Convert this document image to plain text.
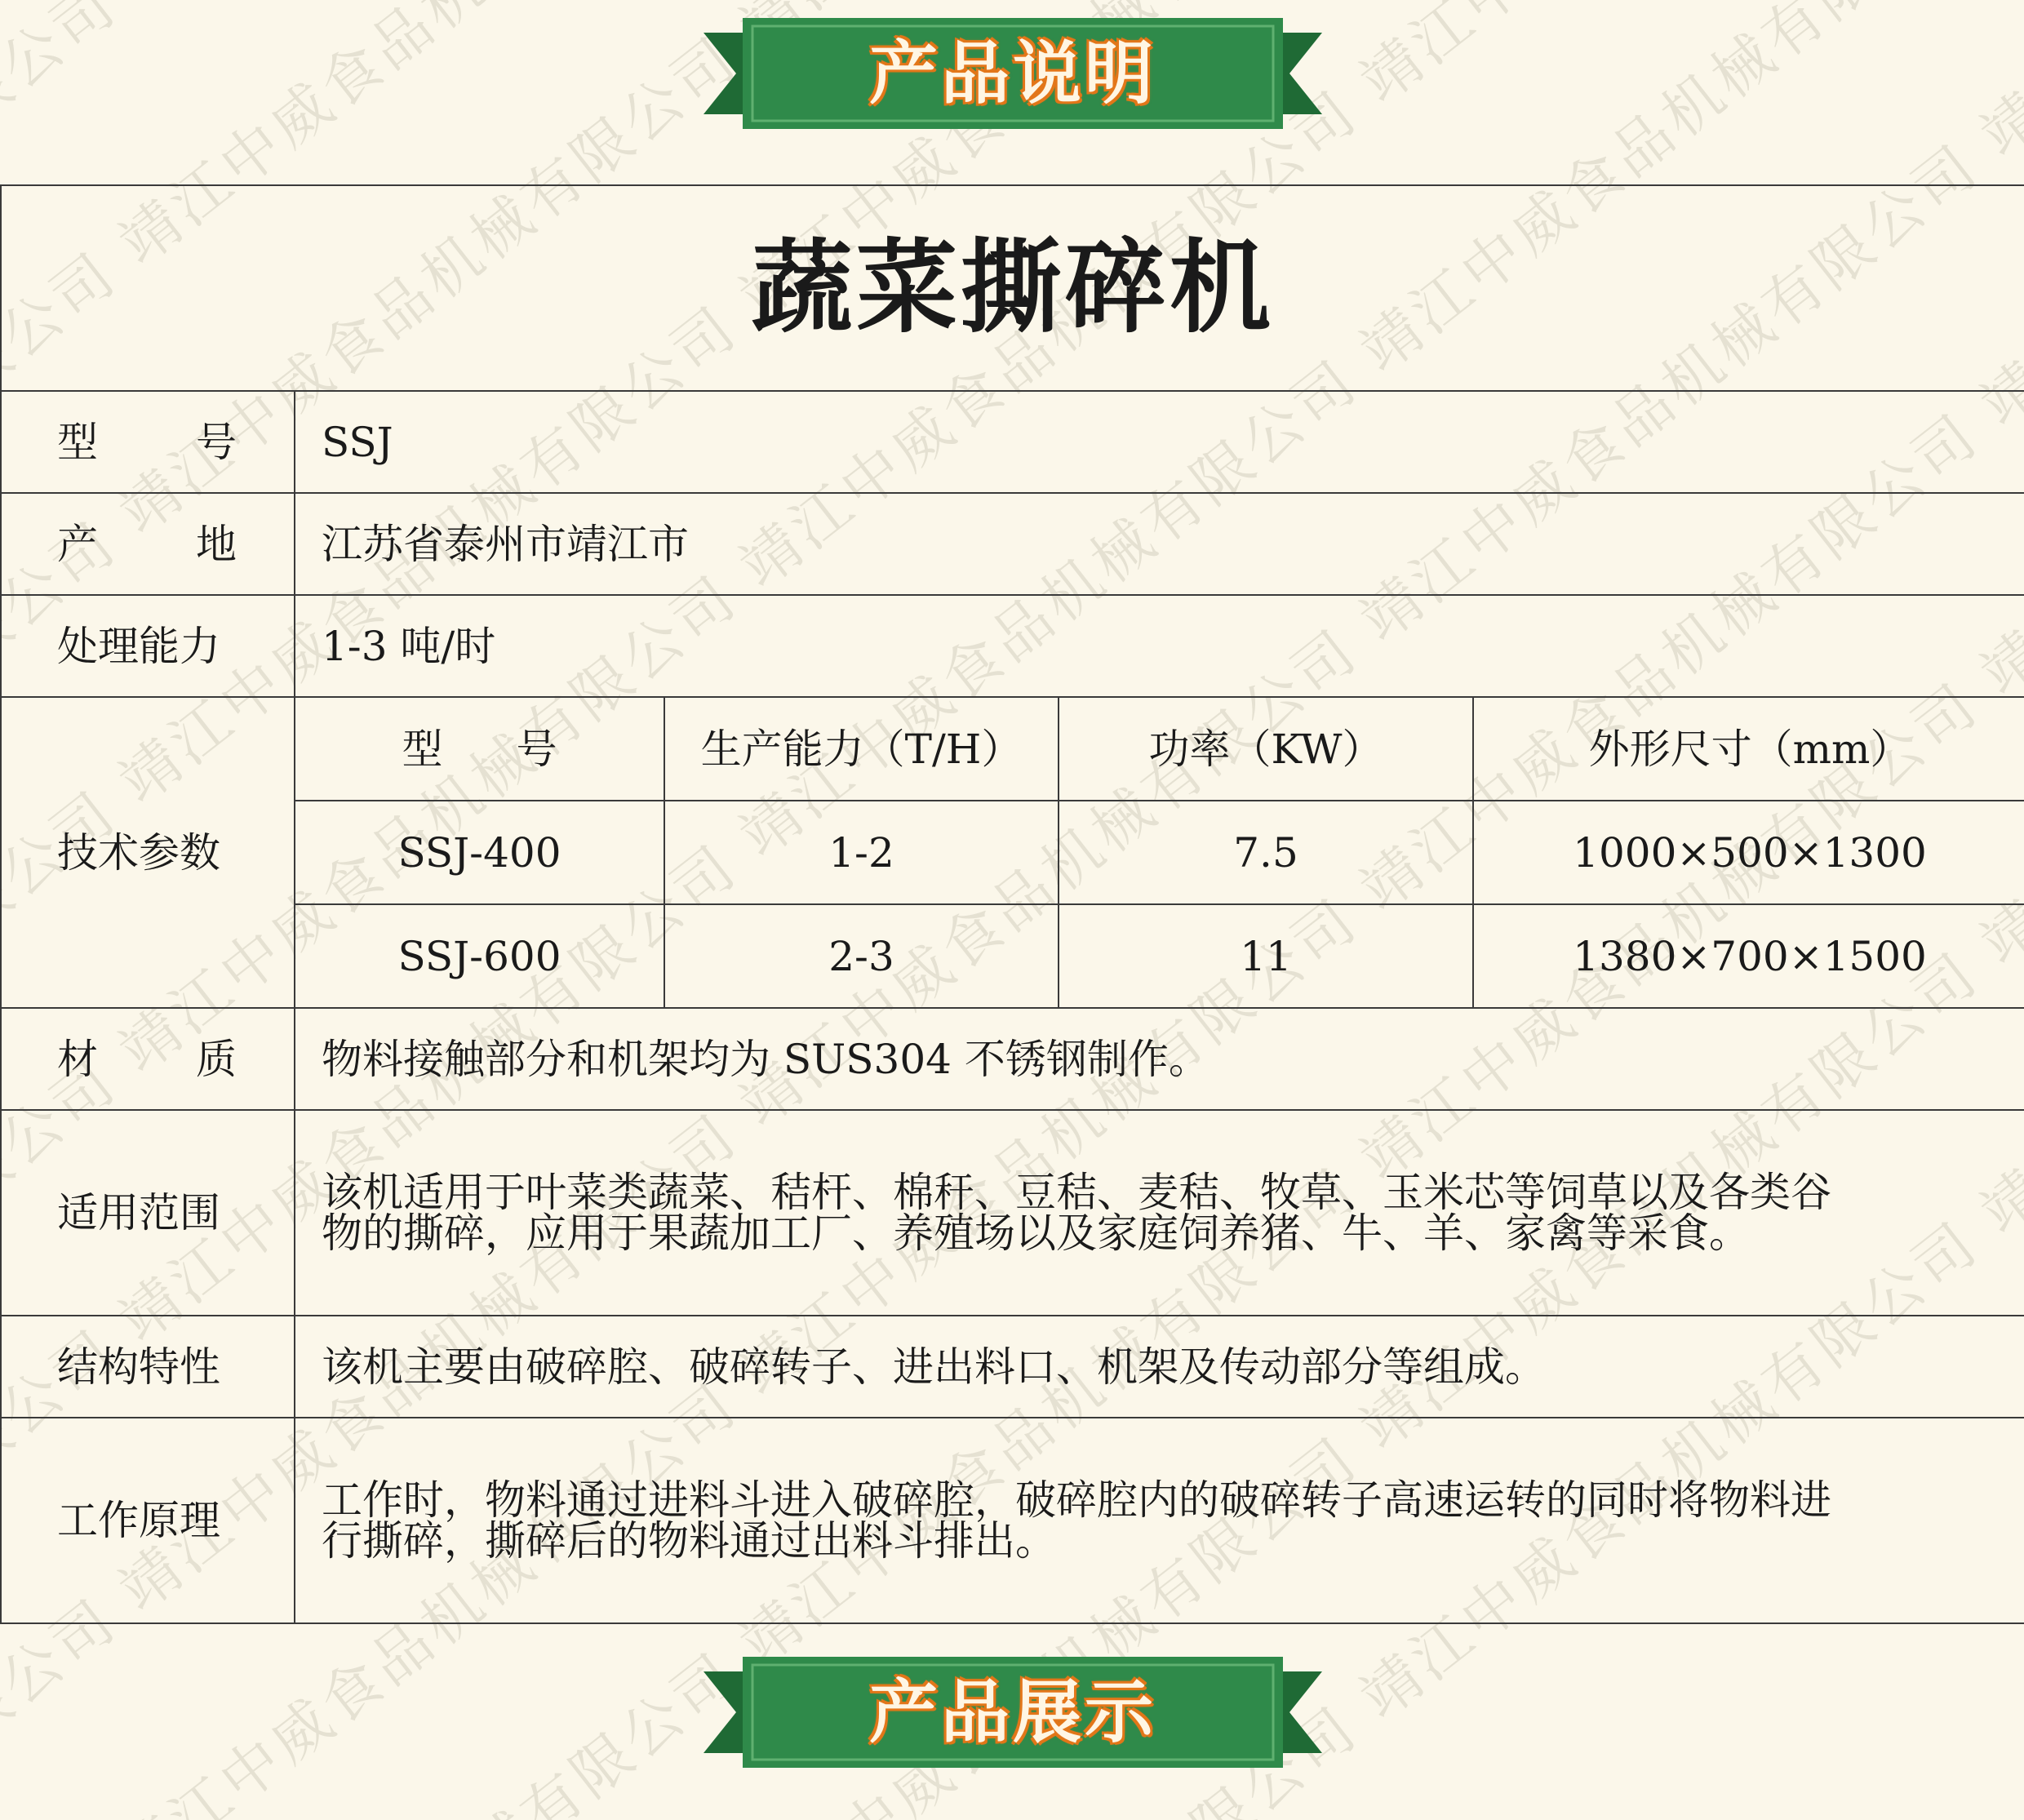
产品说明
蔬菜撕碎机

型 号	SSJ

产 地	江苏省泰州市靖江市
处理能力	1-3 吨/时
技术参数	
型 号	生产能力（T/H）	功率（KW）	外形尺寸（mm）
SSJ-400	1-2	7.5	1000×500×1300
SSJ-600	2-3	11	1380×700×1500

材 质	物料接触部分和机架均为 SUS304 不锈钢制作。
适用范围	该机适用于叶菜类蔬菜、秸杆、棉秆、豆秸、麦秸、牧草、玉米芯等饲草以及各类谷
物的撕碎，应用于果蔬加工厂、养殖场以及家庭饲养猪、牛、羊、家禽等采食。

结构特性	该机主要由破碎腔、破碎转子、进出料口、机架及传动部分等组成。
工作原理	工作时，物料通过进料斗进入破碎腔，破碎腔内的破碎转子高速运转的同时将物料进
行撕碎，撕碎后的物料通过出料斗排出。
产品展示
